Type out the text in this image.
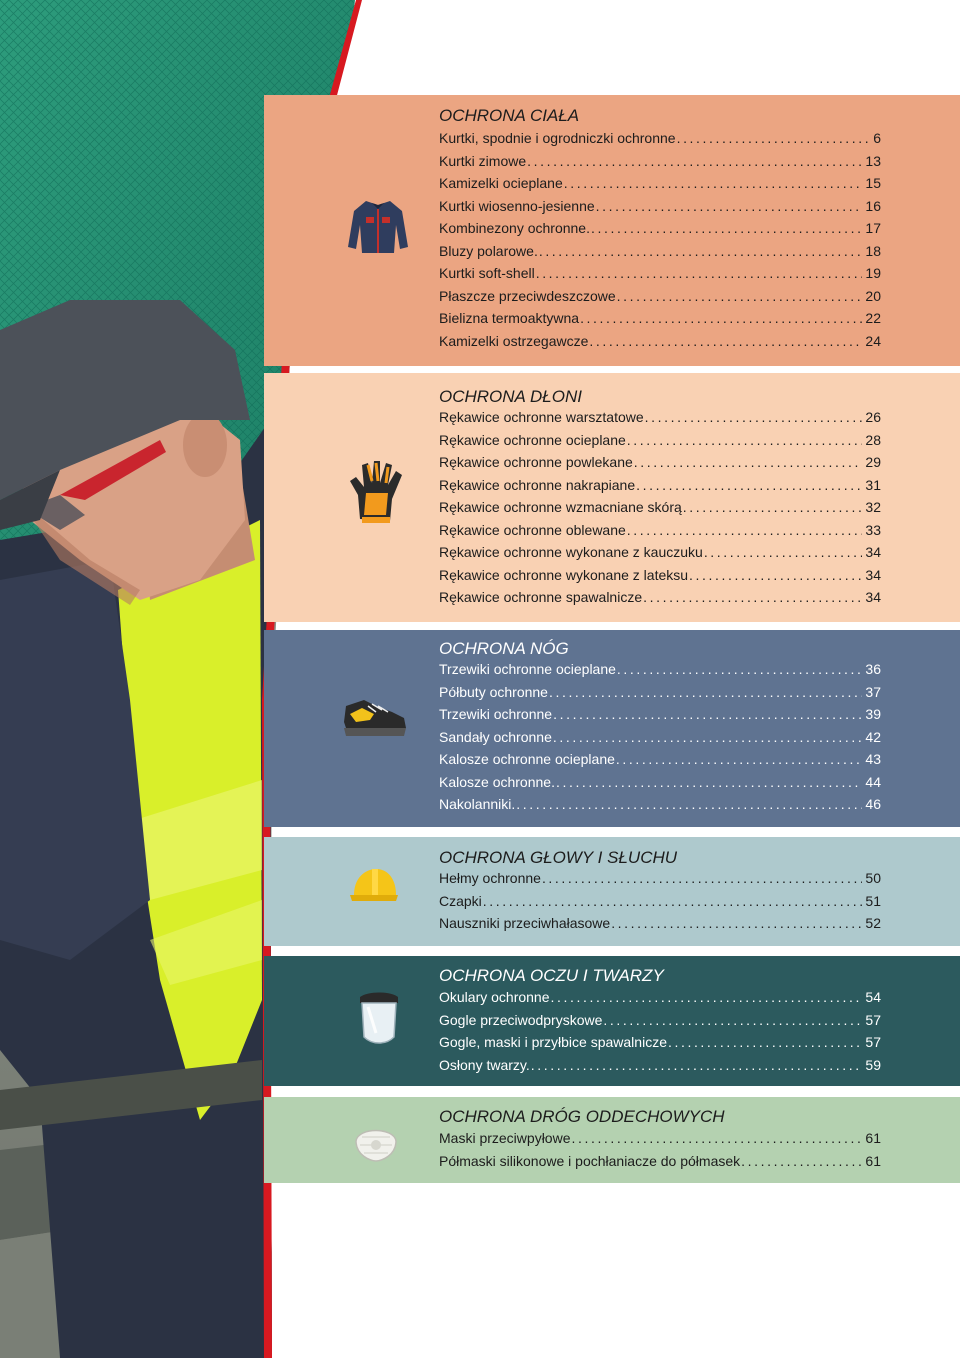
OCHRONA CIAŁA
Kurtki, spodnie i ogrodniczki ochronne .....	6
Kurtki zimowe .....	13
Kamizelki ocieplane .....	15
Kurtki wiosenno-jesienne .....	16
Kombinezony ochronne. .....	17
Bluzy polarowe. .....	18
Kurtki soft-shell .....	19
Płaszcze przeciwdeszczowe .....	20
Bielizna termoaktywna .....	22
Kamizelki ostrzegawcze .....	24
OCHRONA DŁONI
Rękawice ochronne warsztatowe .....	26
Rękawice ochronne ocieplane .....	28
Rękawice ochronne powlekane .....	29
Rękawice ochronne nakrapiane .....	31
Rękawice ochronne wzmacniane skórą .....	32
Rękawice ochronne oblewane .....	33
Rękawice ochronne wykonane z kauczuku .....	34
Rękawice ochronne wykonane z lateksu .....	34
Rękawice ochronne spawalnicze .....	34
OCHRONA NÓG
Trzewiki ochronne ocieplane .....	36
Półbuty ochronne .....	37
Trzewiki ochronne .....	39
Sandały ochronne .....	42
Kalosze ochronne ocieplane .....	43
Kalosze ochronne. .....	44
Nakolanniki. .....	46
OCHRONA GŁOWY I SŁUCHU
Hełmy ochronne .....	50
Czapki .....	51
Nauszniki przeciwhałasowe .....	52
OCHRONA OCZU I TWARZY
Okulary ochronne .....	54
Gogle przeciwodpryskowe .....	57
Gogle, maski i przyłbice spawalnicze .....	57
Osłony twarzy. .....	59
OCHRONA DRÓG ODDECHOWYCH
Maski przeciwpyłowe .....	61
Półmaski silikonowe i pochłaniacze do półmasek .....	61
